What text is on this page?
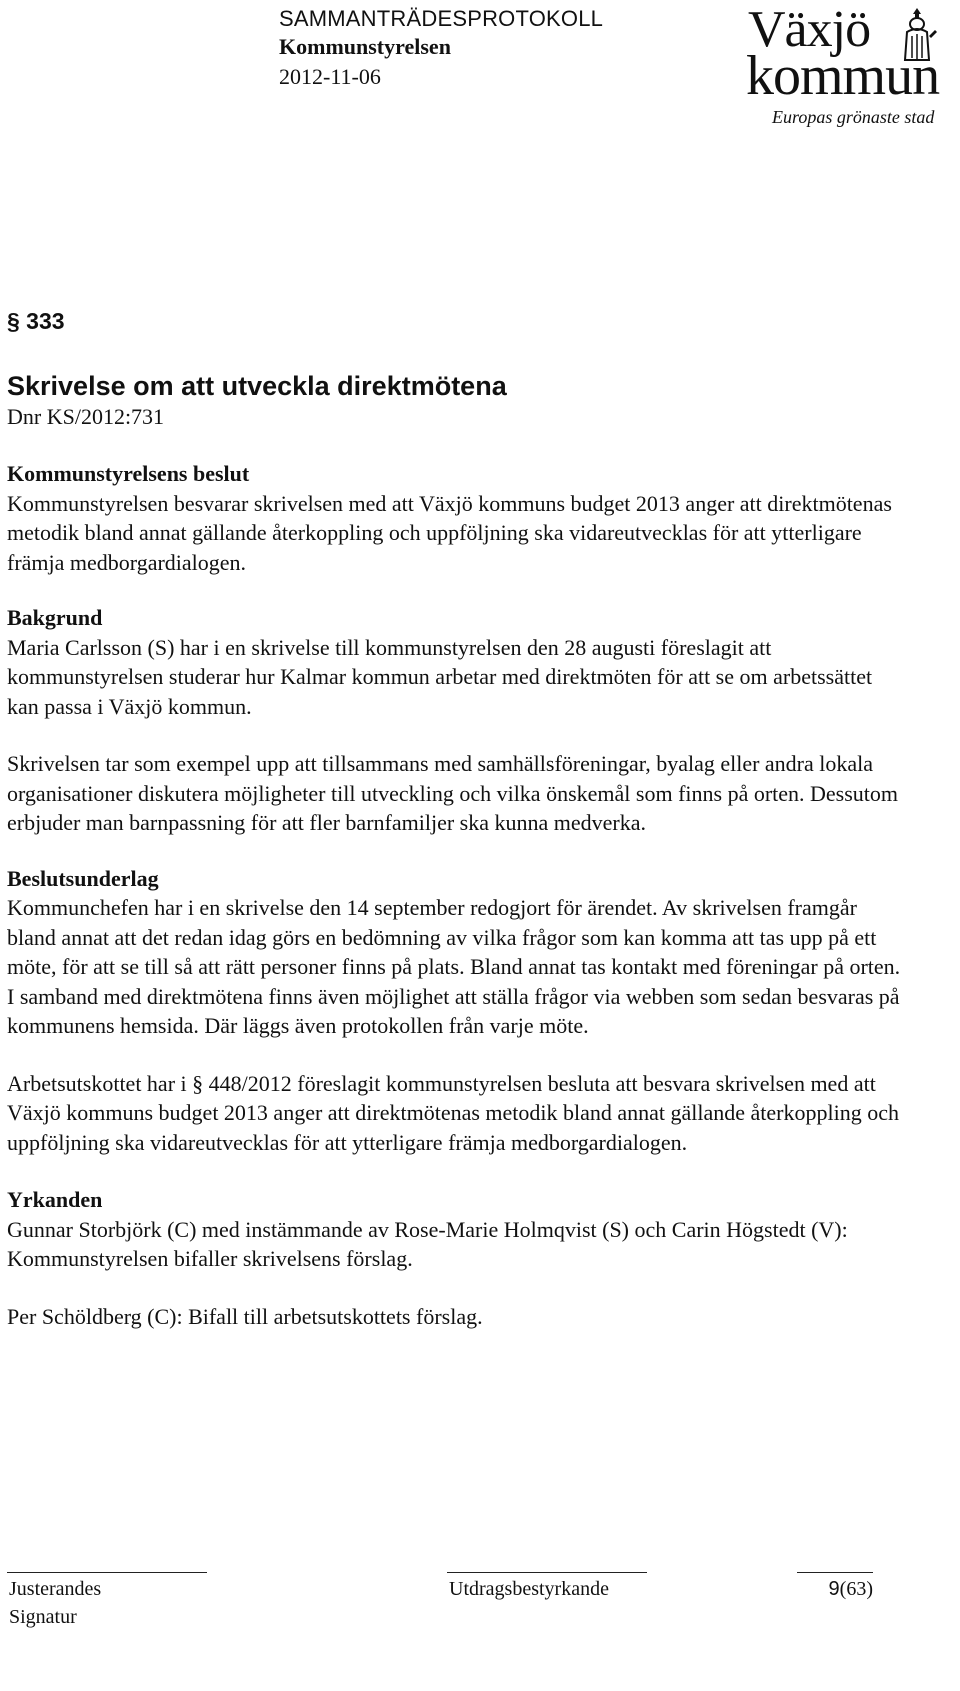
SAMMANTRÄDESPROTOKOLL
Kommunstyrelsen
2012-11-06
Växjö
kommun
Europas grönaste stad
§ 333
Skrivelse om att utveckla direktmötena
Dnr KS/2012:731
Kommunstyrelsens beslut

Kommunstyrelsen besvarar skrivelsen med att Växjö kommuns budget 2013 anger att direktmötenas metodik bland annat gällande återkoppling och uppföljning ska vidareutvecklas för att ytterligare främja medborgardialogen.

Bakgrund

Maria Carlsson (S) har i en skrivelse till kommunstyrelsen den 28 augusti föreslagit att kommunstyrelsen studerar hur Kalmar kommun arbetar med direktmöten för att se om arbetssättet kan passa i Växjö kommun.

Skrivelsen tar som exempel upp att tillsammans med samhällsföreningar, byalag eller andra lokala organisationer diskutera möjligheter till utveckling och vilka önskemål som finns på orten. Dessutom erbjuder man barnpassning för att fler barnfamiljer ska kunna medverka.

Beslutsunderlag

Kommunchefen har i en skrivelse den 14 september redogjort för ärendet. Av skrivelsen framgår bland annat att det redan idag görs en bedömning av vilka frågor som kan komma att tas upp på ett möte, för att se till så att rätt personer finns på plats. Bland annat tas kontakt med föreningar på orten. I samband med direktmötena finns även möjlighet att ställa frågor via webben som sedan besvaras på kommunens hemsida. Där läggs även protokollen från varje möte.

Arbetsutskottet har i § 448/2012 föreslagit kommunstyrelsen besluta att besvara skrivelsen med att Växjö kommuns budget 2013 anger att direktmötenas metodik bland annat gällande återkoppling och uppföljning ska vidareutvecklas för att ytterligare främja medborgardialogen.

Yrkanden

Gunnar Storbjörk (C) med instämmande av Rose-Marie Holmqvist (S) och Carin Högstedt (V): Kommunstyrelsen bifaller skrivelsens förslag.

Per Schöldberg (C): Bifall till arbetsutskottets förslag.

Justerandes
Signatur
Utdragsbestyrkande	9(63)
